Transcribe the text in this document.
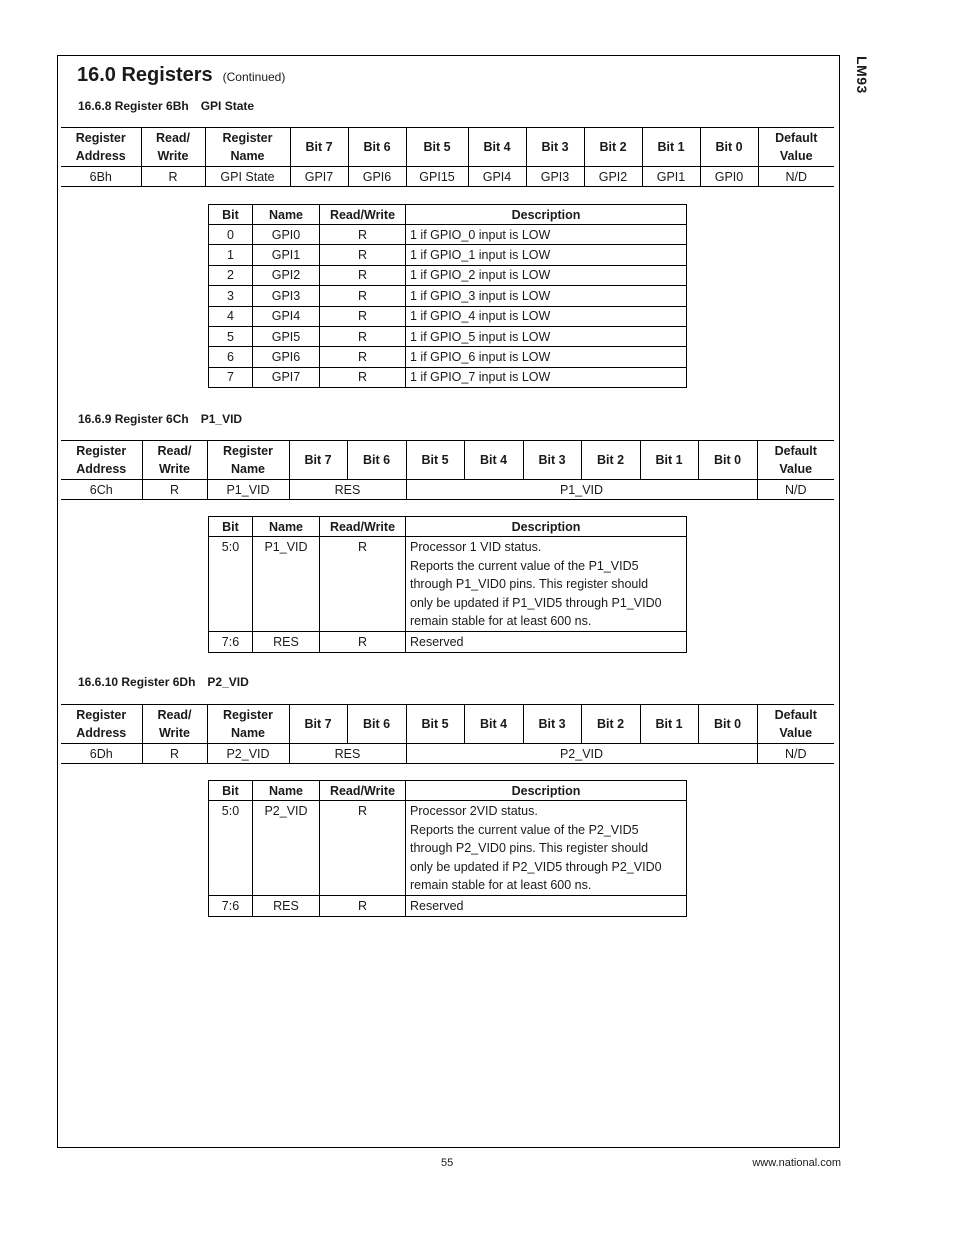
LM93
16.0 Registers (Continued)
16.6.8 Register 6Bh GPI State
Register Address	Read/ Write	Register Name	Bit 7	Bit 6	Bit 5	Bit 4	Bit 3	Bit 2	Bit 1	Bit 0	Default Value
6Bh	R	GPI State	GPI7	GPI6	GPI15	GPI4	GPI3	GPI2	GPI1	GPI0	N/D
Bit	Name	Read/Write	Description
0	GPI0	R	1 if GPIO_0 input is LOW
1	GPI1	R	1 if GPIO_1 input is LOW
2	GPI2	R	1 if GPIO_2 input is LOW
3	GPI3	R	1 if GPIO_3 input is LOW
4	GPI4	R	1 if GPIO_4 input is LOW
5	GPI5	R	1 if GPIO_5 input is LOW
6	GPI6	R	1 if GPIO_6 input is LOW
7	GPI7	R	1 if GPIO_7 input is LOW
16.6.9 Register 6Ch P1_VID
Register Address	Read/ Write	Register Name	Bit 7	Bit 6	Bit 5	Bit 4	Bit 3	Bit 2	Bit 1	Bit 0	Default Value
6Ch	R	P1_VID	RES		P1_VID						N/D
Bit	Name	Read/Write	Description
5:0	P1_VID	R	Processor 1 VID status.
Reports the current value of the P1_VID5
through P1_VID0 pins. This register should
only be updated if P1_VID5 through P1_VID0
remain stable for at least 600 ns.

7:6	RES	R	Reserved
16.6.10 Register 6Dh P2_VID
Register Address	Read/ Write	Register Name	Bit 7	Bit 6	Bit 5	Bit 4	Bit 3	Bit 2	Bit 1	Bit 0	Default Value
6Dh	R	P2_VID	RES		P2_VID						N/D
Bit	Name	Read/Write	Description
5:0	P2_VID	R	Processor 2VID status.
Reports the current value of the P2_VID5
through P2_VID0 pins. This register should
only be updated if P2_VID5 through P2_VID0
remain stable for at least 600 ns.

7:6	RES	R	Reserved
55	www.national.com
